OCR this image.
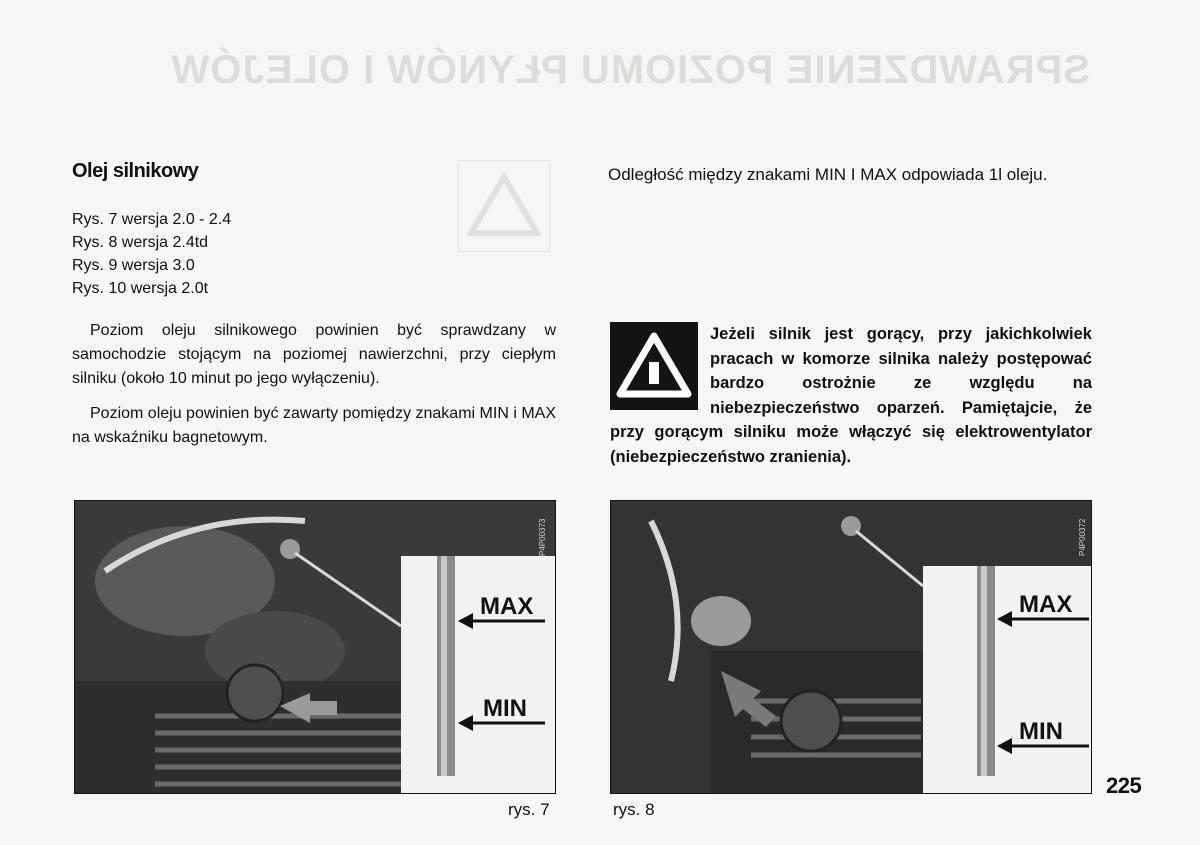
SPRAWDZENIE POZIOMU PŁYNÓW I OLEJÓW
Olej silnikowy
Rys. 7 wersja 2.0 - 2.4
Rys. 8 wersja 2.4td
Rys. 9 wersja 3.0
Rys. 10 wersja 2.0t
Poziom oleju silnikowego powinien być sprawdzany w samochodzie stojącym na poziomej nawierzchni, przy ciepłym silniku (około 10 minut po jego wyłączeniu).
Poziom oleju powinien być zawarty pomiędzy znakami MIN i MAX na wskaźniku bagnetowym.
Odległość między znakami MIN I MAX odpowiada 1l oleju.
Jeżeli silnik jest gorący, przy jakichkolwiek pracach w komorze silnika należy postępować bardzo ostrożnie ze względu na niebezpieczeństwo oparzeń. Pamiętajcie, że przy gorącym silniku może włączyć się elektrowentylator (niebezpieczeństwo zranienia).
MAX
MIN
P4P00373
MAX
MIN
P4P00372
rys. 7	rys. 8
225
